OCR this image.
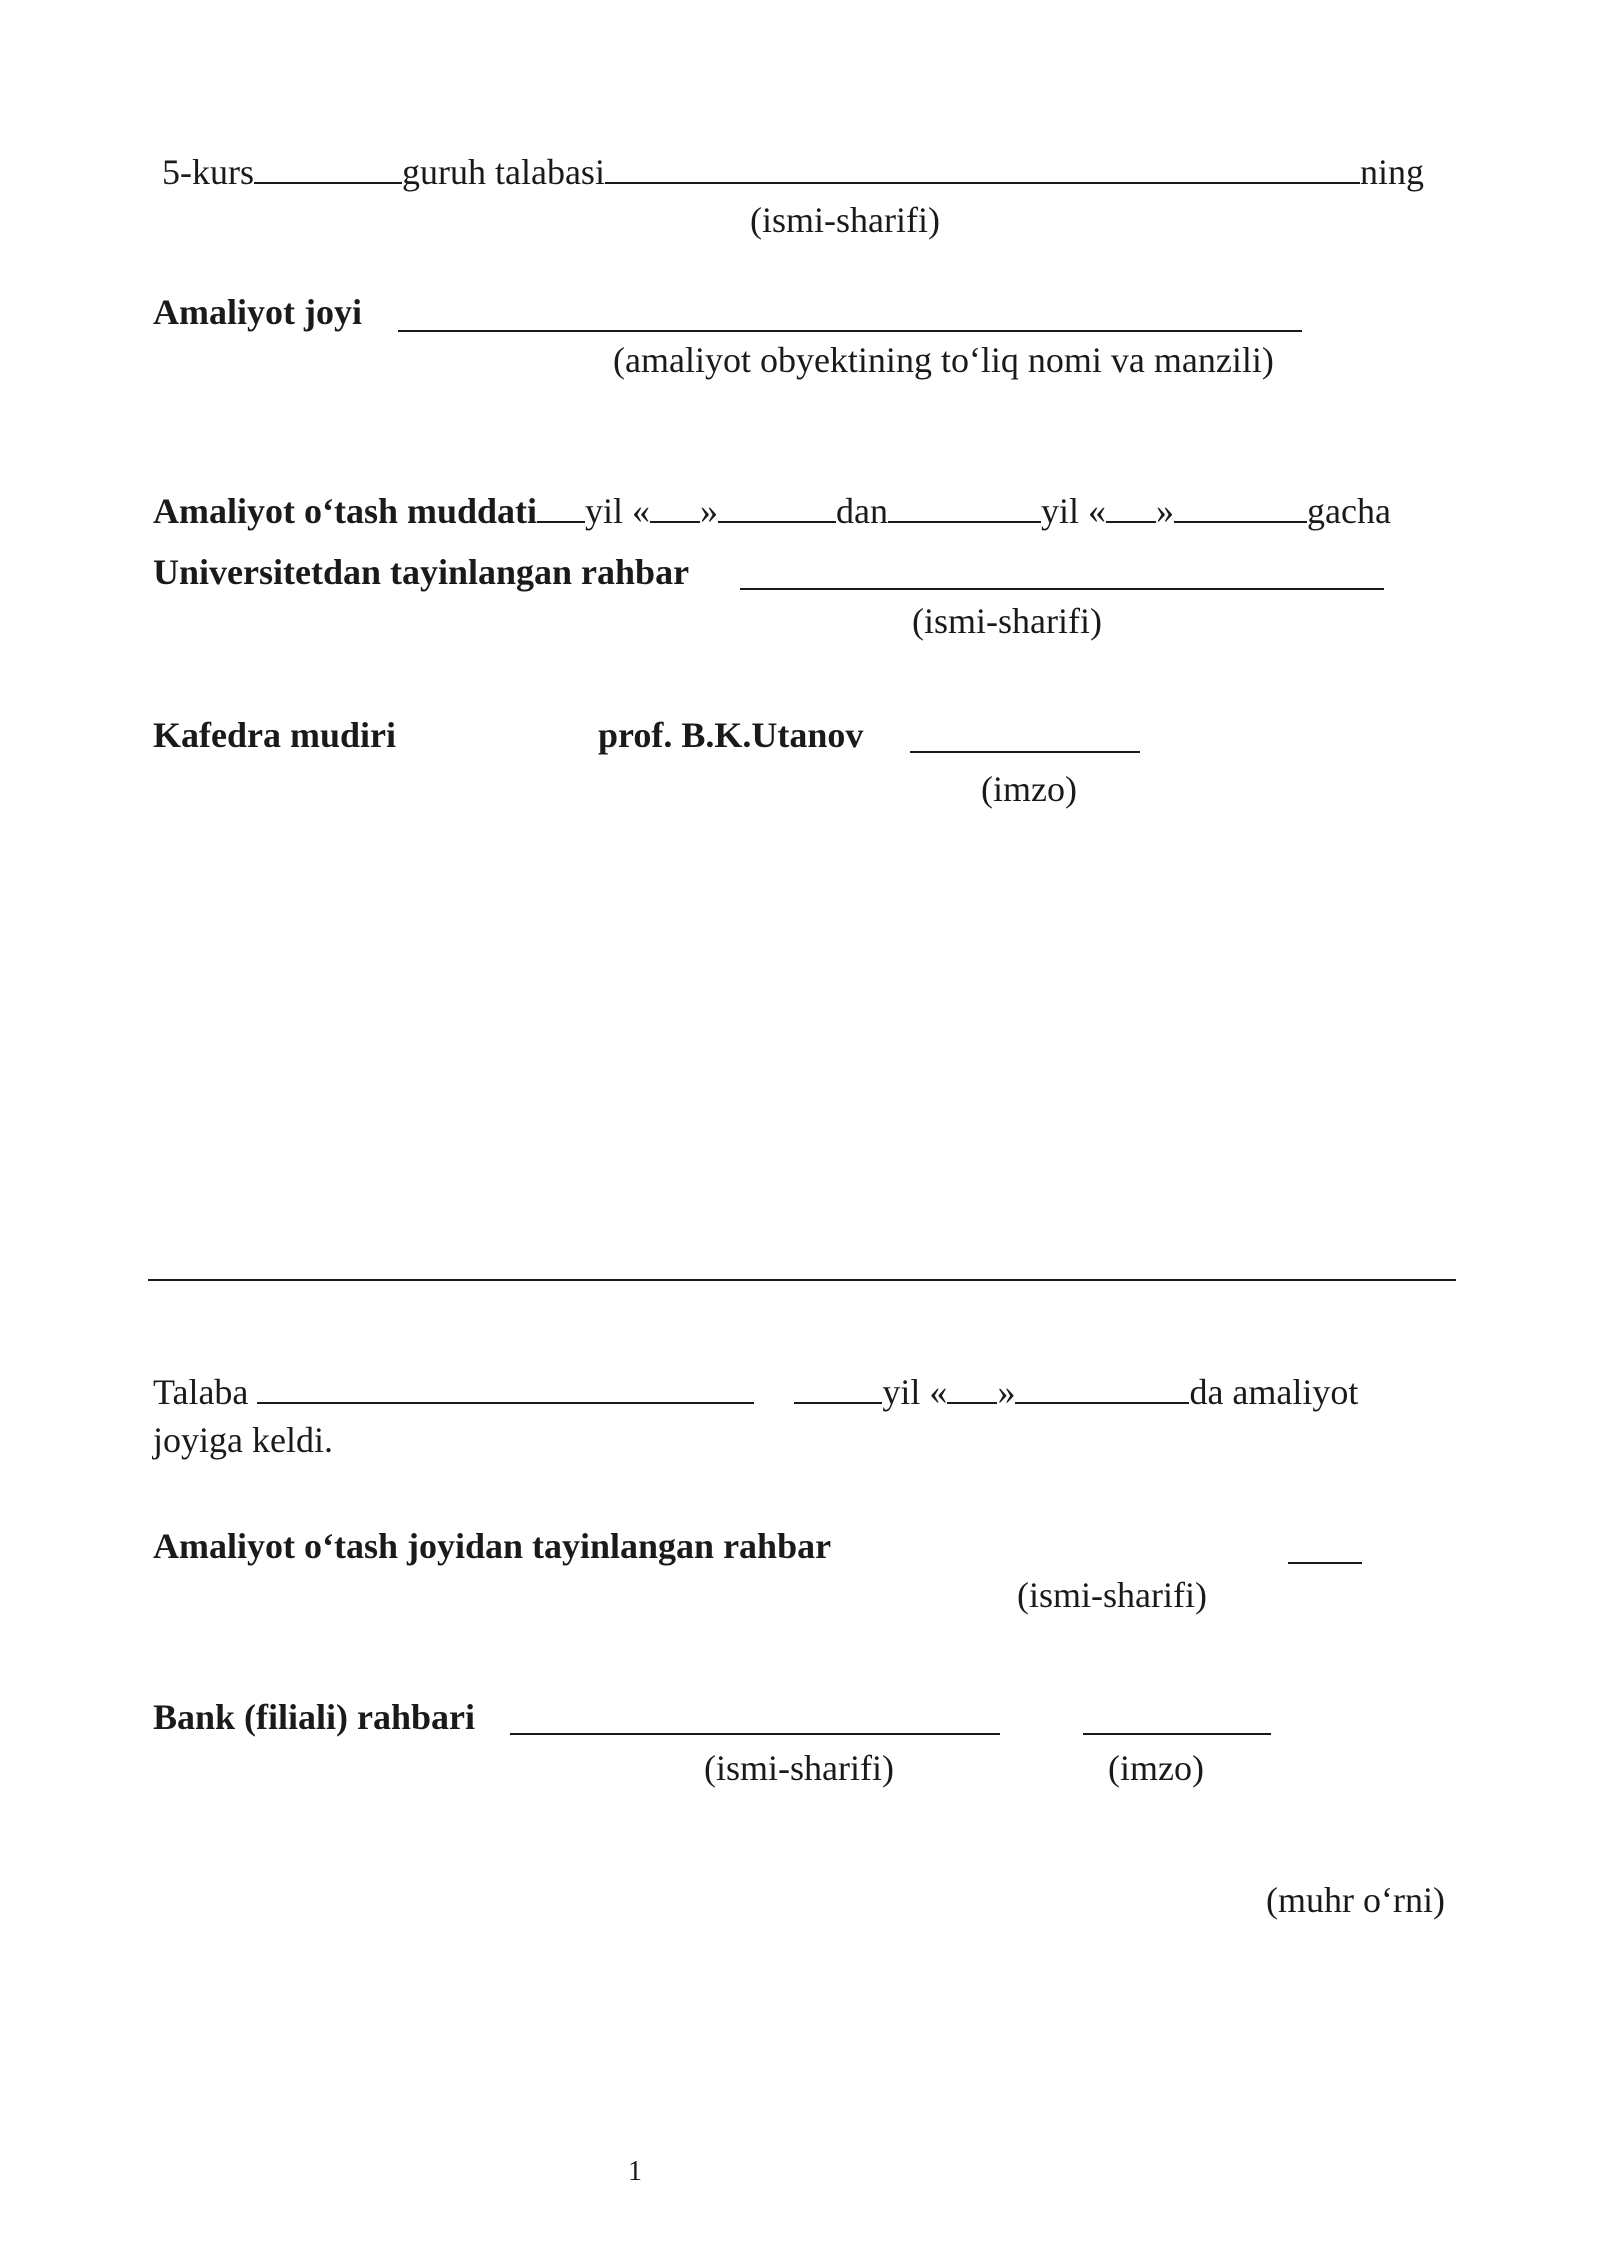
5-kurs	guruh talabasi	ning
(ismi-sharifi)
Amaliyot joyi
(amaliyot obyektining to‘liq nomi va manzili)
Amaliyot o‘tash muddati yil « »	dan	yil « »	gacha
Universitetdan tayinlangan rahbar
(ismi-sharifi)
Kafedra mudiri	prof. B.K.Utanov
(imzo)
Talaba	yil « »	da amaliyot
joyiga keldi.
Amaliyot o‘tash joyidan tayinlangan rahbar
(ismi-sharifi)
Bank (filiali) rahbari
(ismi-sharifi)	(imzo)
(muhr o‘rni)
1
